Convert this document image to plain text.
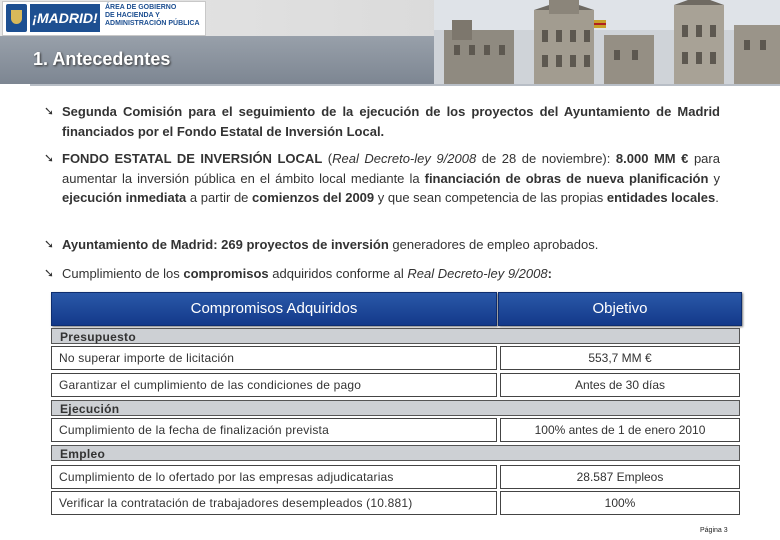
¡MADRID!
ÁREA DE GOBIERNO
DE HACIENDA Y
ADMINISTRACIÓN PÚBLICA
1. Antecedentes
➘ Segunda Comisión para el seguimiento de la ejecución de los proyectos del Ayuntamiento de Madrid financiados por el Fondo Estatal de Inversión Local.
➘ FONDO ESTATAL DE INVERSIÓN LOCAL (Real Decreto-ley 9/2008 de 28 de noviembre): 8.000 MM € para aumentar la inversión pública en el ámbito local mediante la financiación de obras de nueva planificación y ejecución inmediata a partir de comienzos del 2009 y que sean competencia de las propias entidades locales.
➘ Ayuntamiento de Madrid: 269 proyectos de inversión generadores de empleo aprobados.
➘ Cumplimiento de los compromisos adquiridos conforme al Real Decreto-ley 9/2008:
Compromisos Adquiridos	Objetivo
Presupuesto
No superar importe de licitación	553,7 MM €
Garantizar el cumplimiento de las condiciones de pago	Antes de 30 días
Ejecución
Cumplimiento de la fecha de finalización prevista	100% antes de 1 de enero 2010
Empleo
Cumplimiento de lo ofertado por las empresas adjudicatarias	28.587 Empleos
Verificar la contratación de trabajadores desempleados (10.881)	100%
Página 3
